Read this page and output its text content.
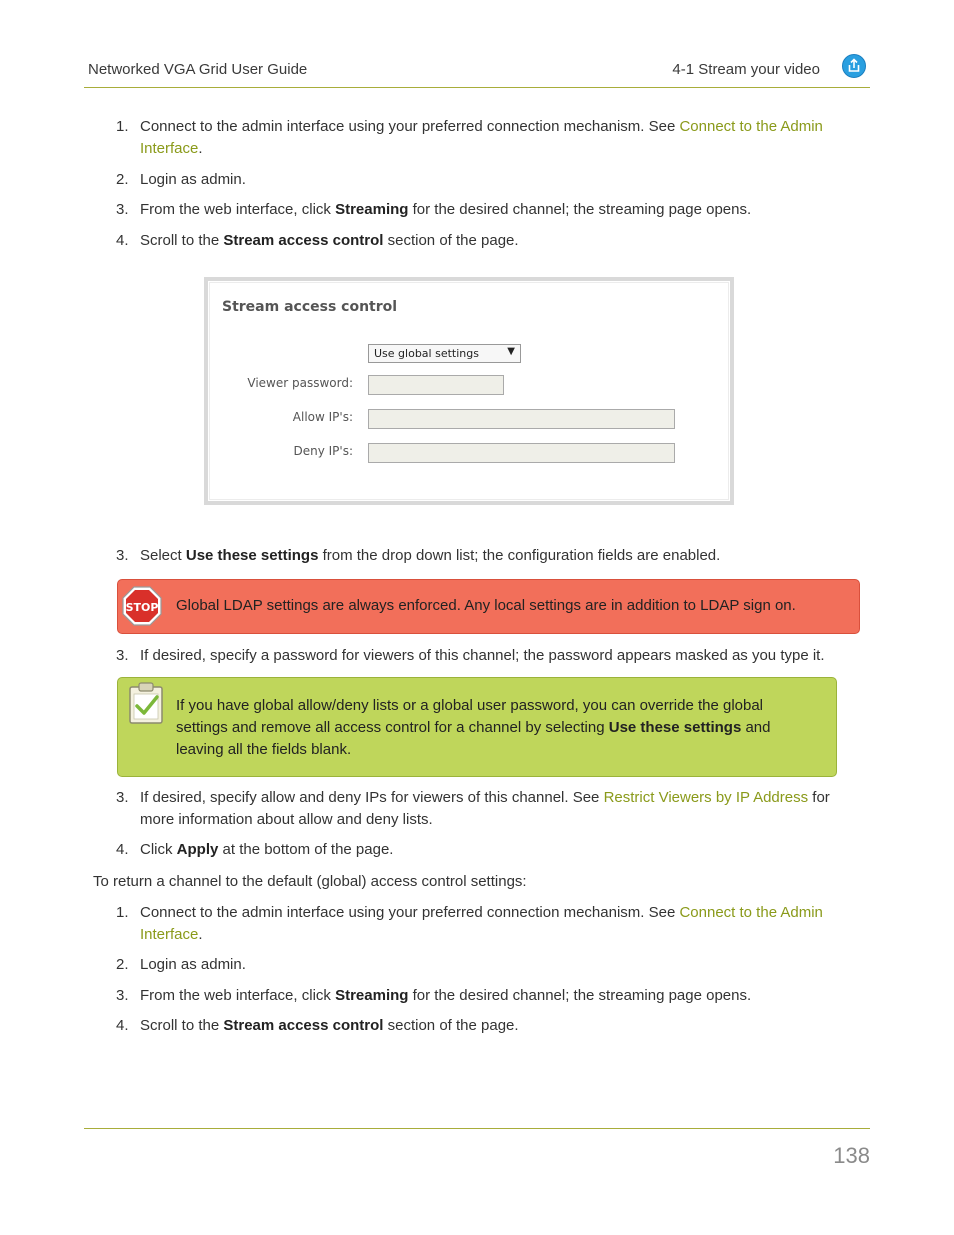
Networked VGA Grid User Guide	4-1 Stream your video
1. Connect to the admin interface using your preferred connection mechanism. See Connect to the Admin Interface.
2. Login as admin.
3. From the web interface, click Streaming for the desired channel; the streaming page opens.
4. Scroll to the Stream access control section of the page.
Stream access control
Use global settings	▼
Viewer password:
Allow IP's:
Deny IP's:
3. Select Use these settings from the drop down list; the configuration fields are enabled.
STOP Global LDAP settings are always enforced. Any local settings are in addition to LDAP sign on.
3. If desired, specify a password for viewers of this channel; the password appears masked as you type it.
If you have global allow/deny lists or a global user password, you can override the global settings and remove all access control for a channel by selecting Use these settings and leaving all the fields blank.
3. If desired, specify allow and deny IPs for viewers of this channel. See Restrict Viewers by IP Address for more information about allow and deny lists.
4. Click Apply at the bottom of the page.
To return a channel to the default (global) access control settings:
1. Connect to the admin interface using your preferred connection mechanism. See Connect to the Admin Interface.
2. Login as admin.
3. From the web interface, click Streaming for the desired channel; the streaming page opens.
4. Scroll to the Stream access control section of the page.
138
